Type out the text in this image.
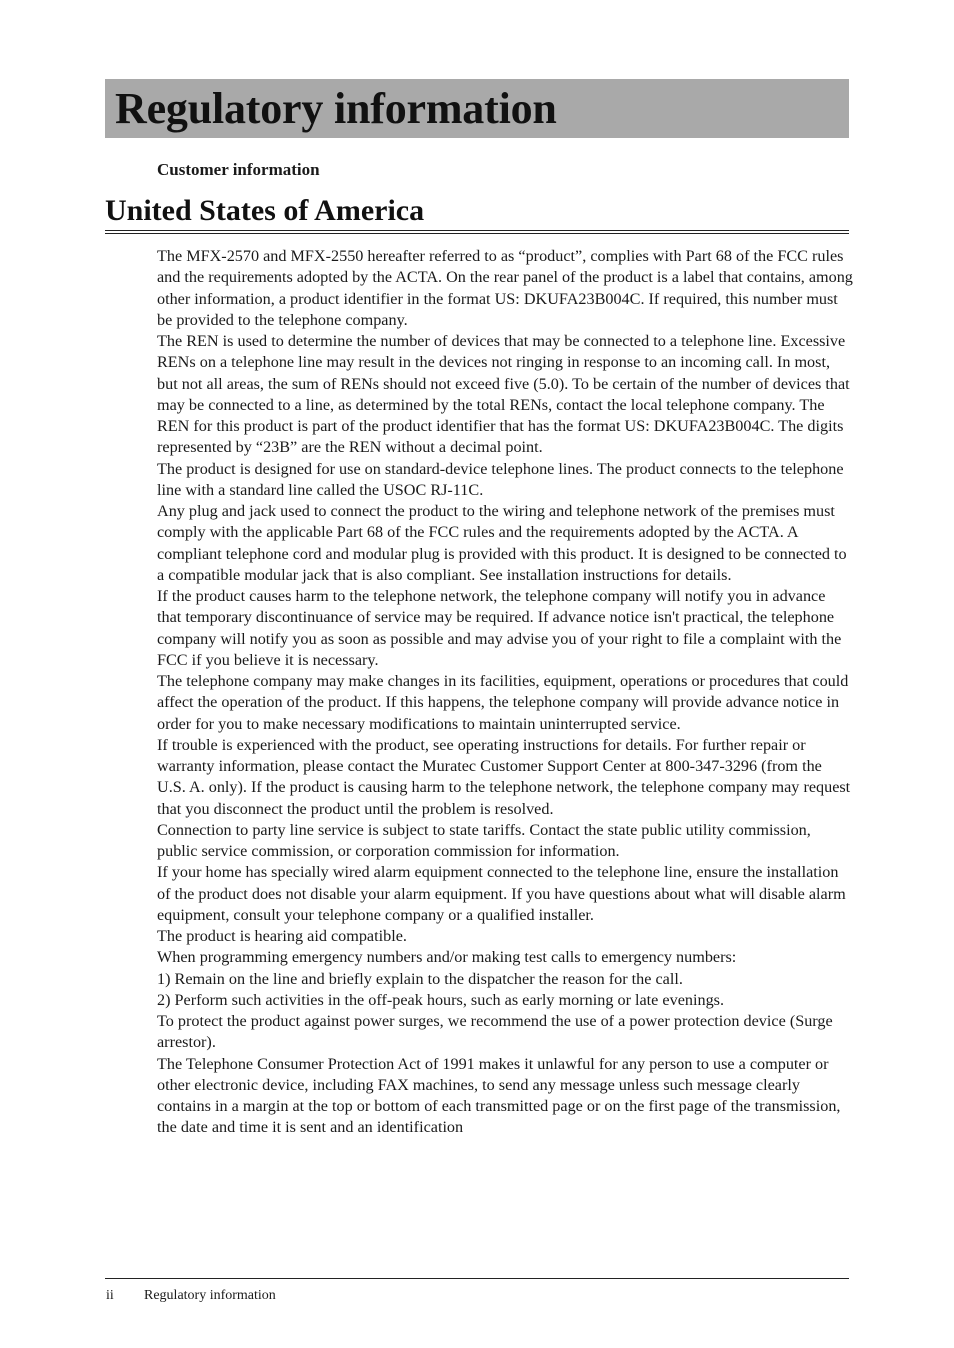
Regulatory information
Customer information
United States of America

The MFX-2570 and MFX-2550 hereafter referred to as “product”, complies with Part 68 of the FCC rules and the requirements adopted by the ACTA. On the rear panel of the product is a label that contains, among other information, a product identifier in the format US: DKUFA23B004C. If required, this number must be provided to the telephone company.

The REN is used to determine the number of devices that may be connected to a telephone line. Excessive RENs on a telephone line may result in the devices not ringing in response to an incoming call. In most, but not all areas, the sum of RENs should not exceed five (5.0). To be certain of the number of devices that may be connected to a line, as determined by the total RENs, contact the local telephone company. The REN for this product is part of the product identifier that has the format US: DKUFA23B004C. The digits represented by “23B” are the REN without a decimal point.

The product is designed for use on standard-device telephone lines. The product connects to the telephone line with a standard line called the USOC RJ-11C.

Any plug and jack used to connect the product to the wiring and telephone network of the premises must comply with the applicable Part 68 of the FCC rules and the requirements adopted by the ACTA. A compliant telephone cord and modular plug is provided with this product. It is designed to be connected to a compatible modular jack that is also compliant. See installation instructions for details.

If the product causes harm to the telephone network, the telephone company will notify you in advance that temporary discontinuance of service may be required. If advance notice isn't practical, the telephone company will notify you as soon as possible and may advise you of your right to file a complaint with the FCC if you believe it is necessary.

The telephone company may make changes in its facilities, equipment, operations or procedures that could affect the operation of the product. If this happens, the telephone company will provide advance notice in order for you to make necessary modifications to maintain uninterrupted service.

If trouble is experienced with the product, see operating instructions for details. For further repair or warranty information, please contact the Muratec Customer Support Center at 800-347-3296 (from the U.S. A. only). If the product is causing harm to the telephone network, the telephone company may request that you disconnect the product until the problem is resolved.

Connection to party line service is subject to state tariffs. Contact the state public utility commission, public service commission, or corporation commission for information.

If your home has specially wired alarm equipment connected to the telephone line, ensure the installation of the product does not disable your alarm equipment. If you have questions about what will disable alarm equipment, consult your telephone company or a qualified installer.

The product is hearing aid compatible.

When programming emergency numbers and/or making test calls to emergency numbers:

1) Remain on the line and briefly explain to the dispatcher the reason for the call.

2) Perform such activities in the off-peak hours, such as early morning or late evenings.

To protect the product against power surges, we recommend the use of a power protection device (Surge arrestor).

The Telephone Consumer Protection Act of 1991 makes it unlawful for any person to use a computer or other electronic device, including FAX machines, to send any message unless such message clearly contains in a margin at the top or bottom of each transmitted page or on the first page of the transmission, the date and time it is sent and an identification

ii Regulatory information
